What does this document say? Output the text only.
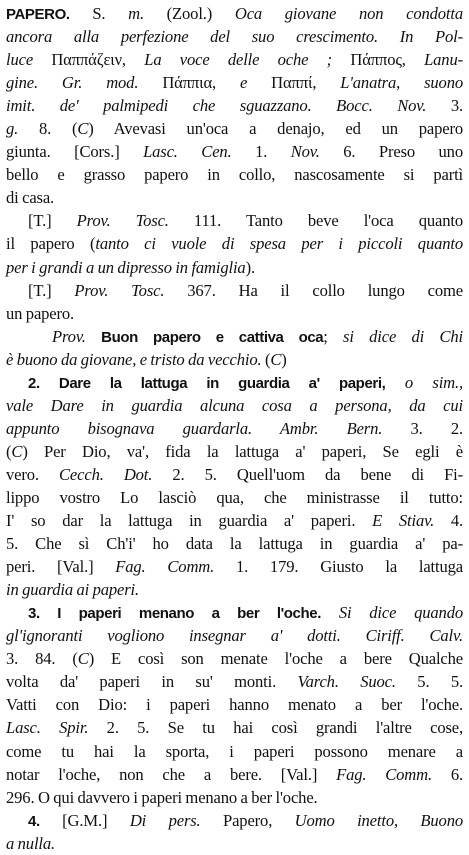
PAPERO. S. m. (Zool.) Oca giovane non condotta
ancora alla perfezione del suo crescimento. In Pol-
luce Παππάζειν, La voce delle oche ; Πάππος, Lanu-
gine. Gr. mod. Πάππια, e Παππί, L'anatra, suono
imit. de' palmipedi che sguazzano. Bocc. Nov. 3.
g. 8. (C) Avevasi un'oca a denajo, ed un papero
giunta. [Cors.] Lasc. Cen. 1. Nov. 6. Preso uno
bello e grasso papero in collo, nascosamente si partì
di casa.
[T.] Prov. Tosc. 111. Tanto beve l'oca quanto
il papero (tanto ci vuole di spesa per i piccoli quanto
per i grandi a un dipresso in famiglia).
[T.] Prov. Tosc. 367. Ha il collo lungo come
un papero.
Prov. Buon papero e cattiva oca; si dice di Chi
è buono da giovane, e tristo da vecchio. (C)
2. Dare la lattuga in guardia a' paperi, o sim.,
vale Dare in guardia alcuna cosa a persona, da cui
appunto bisognava guardarla. Ambr. Bern. 3. 2.
(C) Per Dio, va', fida la lattuga a' paperi, Se egli è
vero. Cecch. Dot. 2. 5. Quell'uom da bene di Fi-
lippo vostro Lo lasciò qua, che ministrasse il tutto:
I' so dar la lattuga in guardia a' paperi. E Stiav. 4.
5. Che sì Ch'i' ho data la lattuga in guardia a' pa-
peri. [Val.] Fag. Comm. 1. 179. Giusto la lattuga
in guardia ai paperi.
3. I paperi menano a ber l'oche. Si dice quando
gl'ignoranti vogliono insegnar a' dotti. Ciriff. Calv.
3. 84. (C) E così son menate l'oche a bere Qualche
volta da' paperi in su' monti. Varch. Suoc. 5. 5.
Vatti con Dio: i paperi hanno menato a ber l'oche.
Lasc. Spir. 2. 5. Se tu hai così grandi l'altre cose,
come tu hai la sporta, i paperi possono menare a
notar l'oche, non che a bere. [Val.] Fag. Comm. 6.
296. O qui davvero i paperi menano a ber l'oche.
4. [G.M.] Di pers. Papero, Uomo inetto, Buono
a nulla.
